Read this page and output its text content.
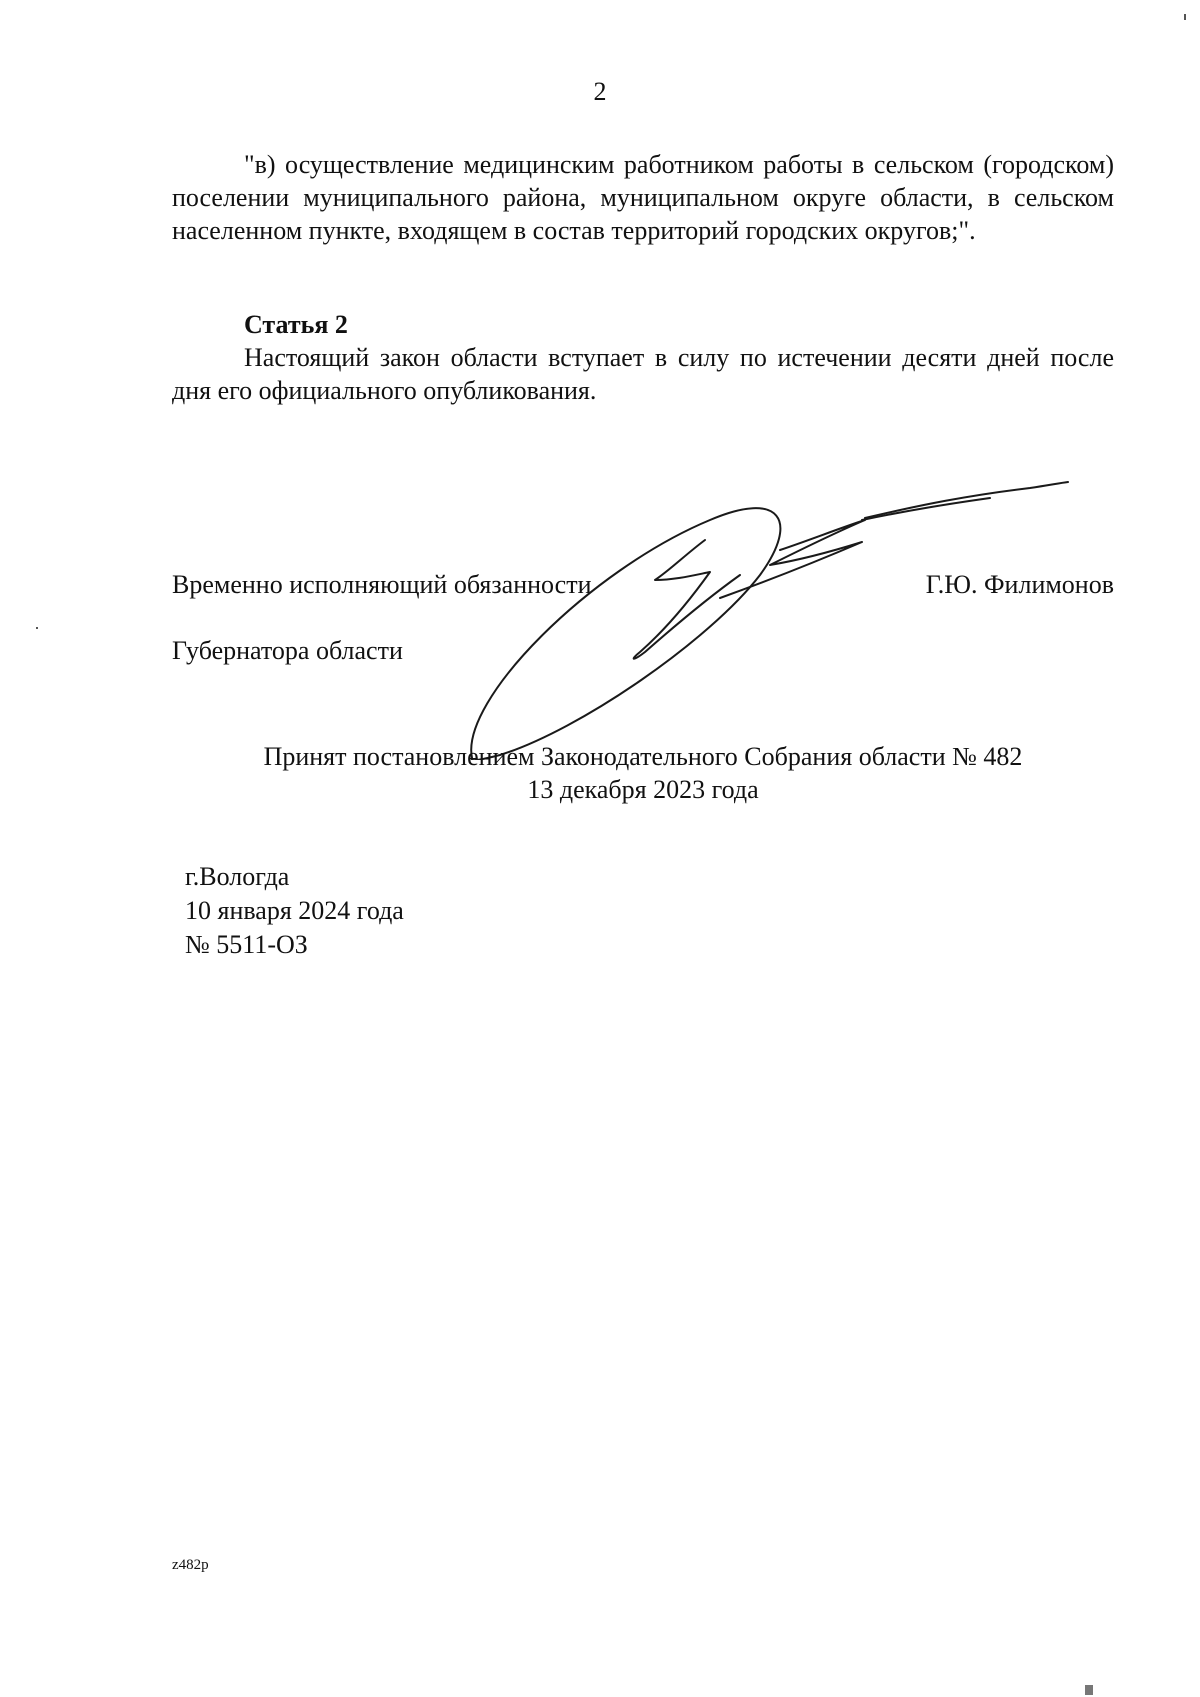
2
"в) осуществление медицинским работником работы в сельском (городском) поселении муниципального района, муниципальном округе области, в сельском населенном пункте, входящем в состав территорий городских округов;".
Статья 2
Настоящий закон области вступает в силу по истечении десяти дней после дня его официального опубликования.

Временно исполняющий обязанности

Губернатора области

Г.Ю. Филимонов
Принят постановлением Законодательного Собрания области № 482
13 декабря 2023 года
г.Вологда
10 января 2024 года
№ 5511-ОЗ
z482p
